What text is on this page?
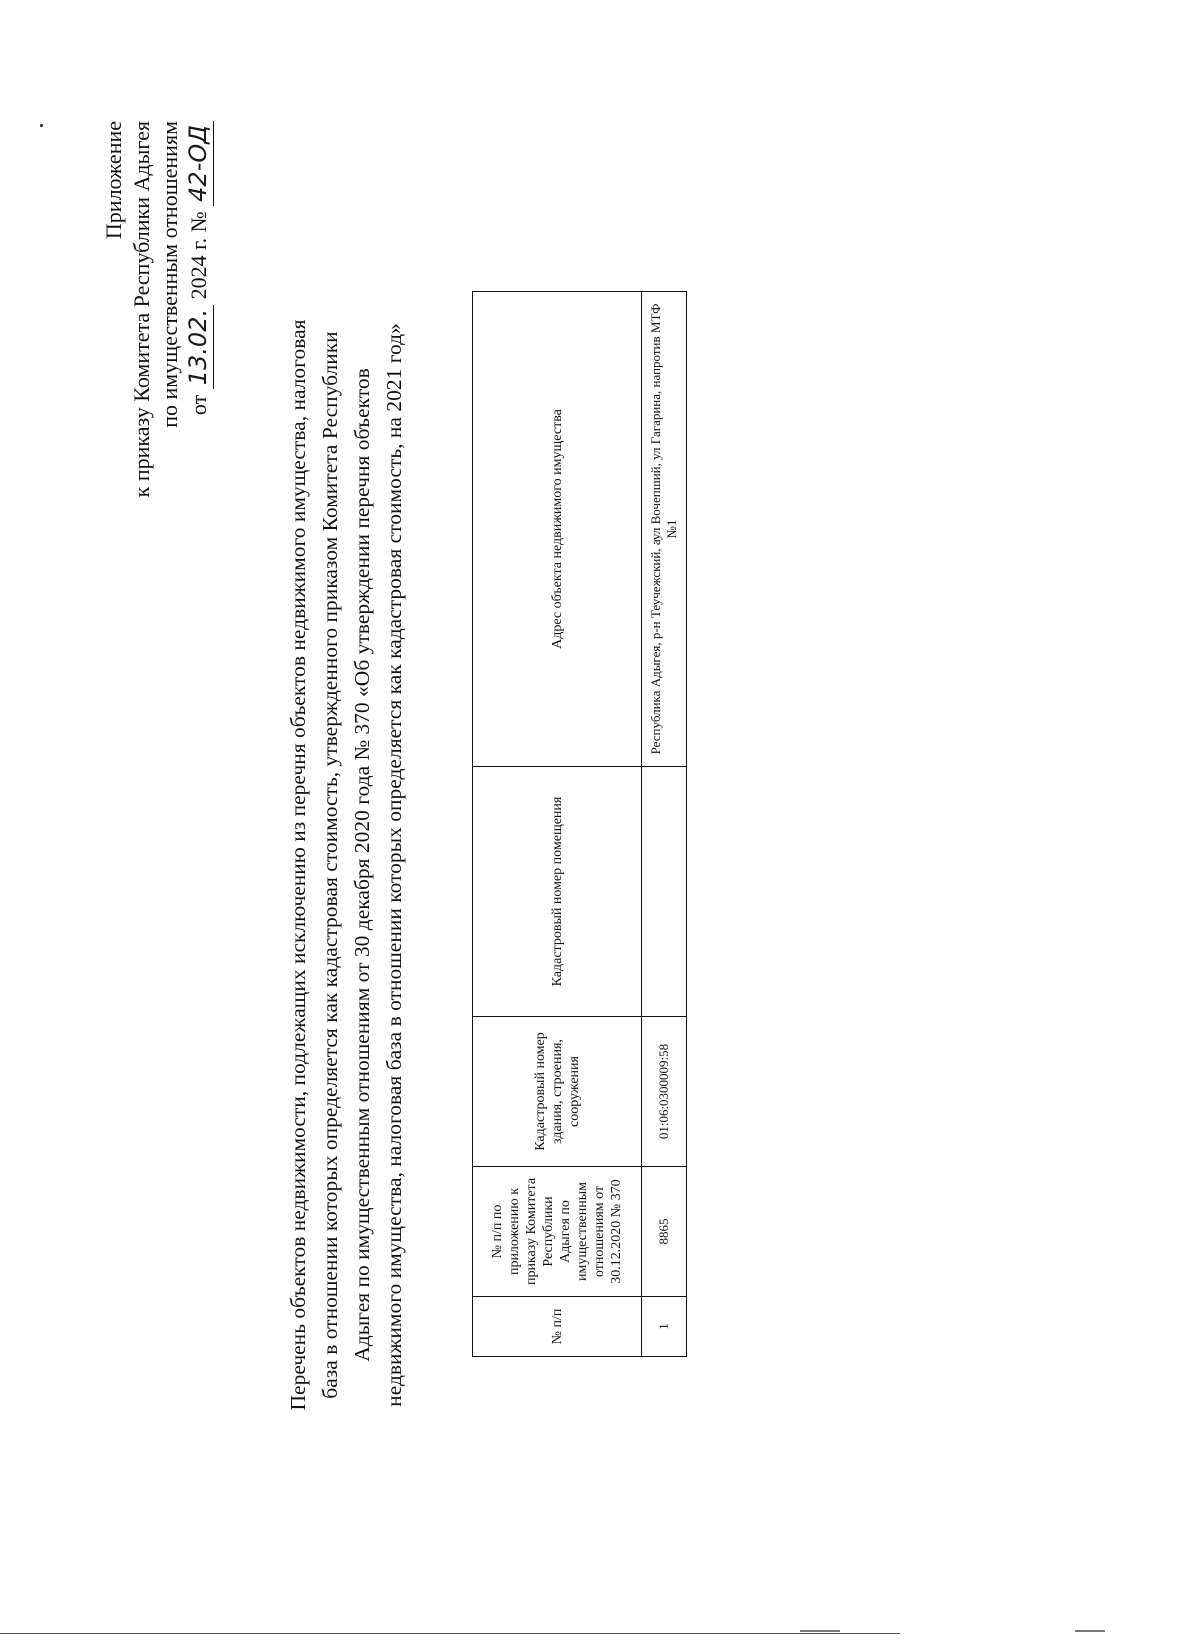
Приложение к приказу Комитета Республики Адыгея по имущественным отношениям от 13.02. 2024 г. № 42-ОД
Перечень объектов недвижимости, подлежащих исключению из перечня объектов недвижимого имущества, налоговая база в отношении которых определяется как кадастровая стоимость, утвержденного приказом Комитета Республики Адыгея по имущественным отношениям от 30 декабря 2020 года № 370 «Об утверждении перечня объектов недвижимого имущества, налоговая база в отношении которых определяется как кадастровая стоимость, на 2021 год»	№ п/п	№ п/п по приложению к приказу Комитета Республики Адыгея по имущественным отношениям от 30.12.2020 № 370	Кадастровый номер здания, строения, сооружения	Кадастровый номер помещения	Адрес объекта недвижимого имущества
1	8865	01:06:0300009:58		Республика Адыгея, р-н Теучежский, аул Вочепший, ул Гагарина, напротив МТФ №1
